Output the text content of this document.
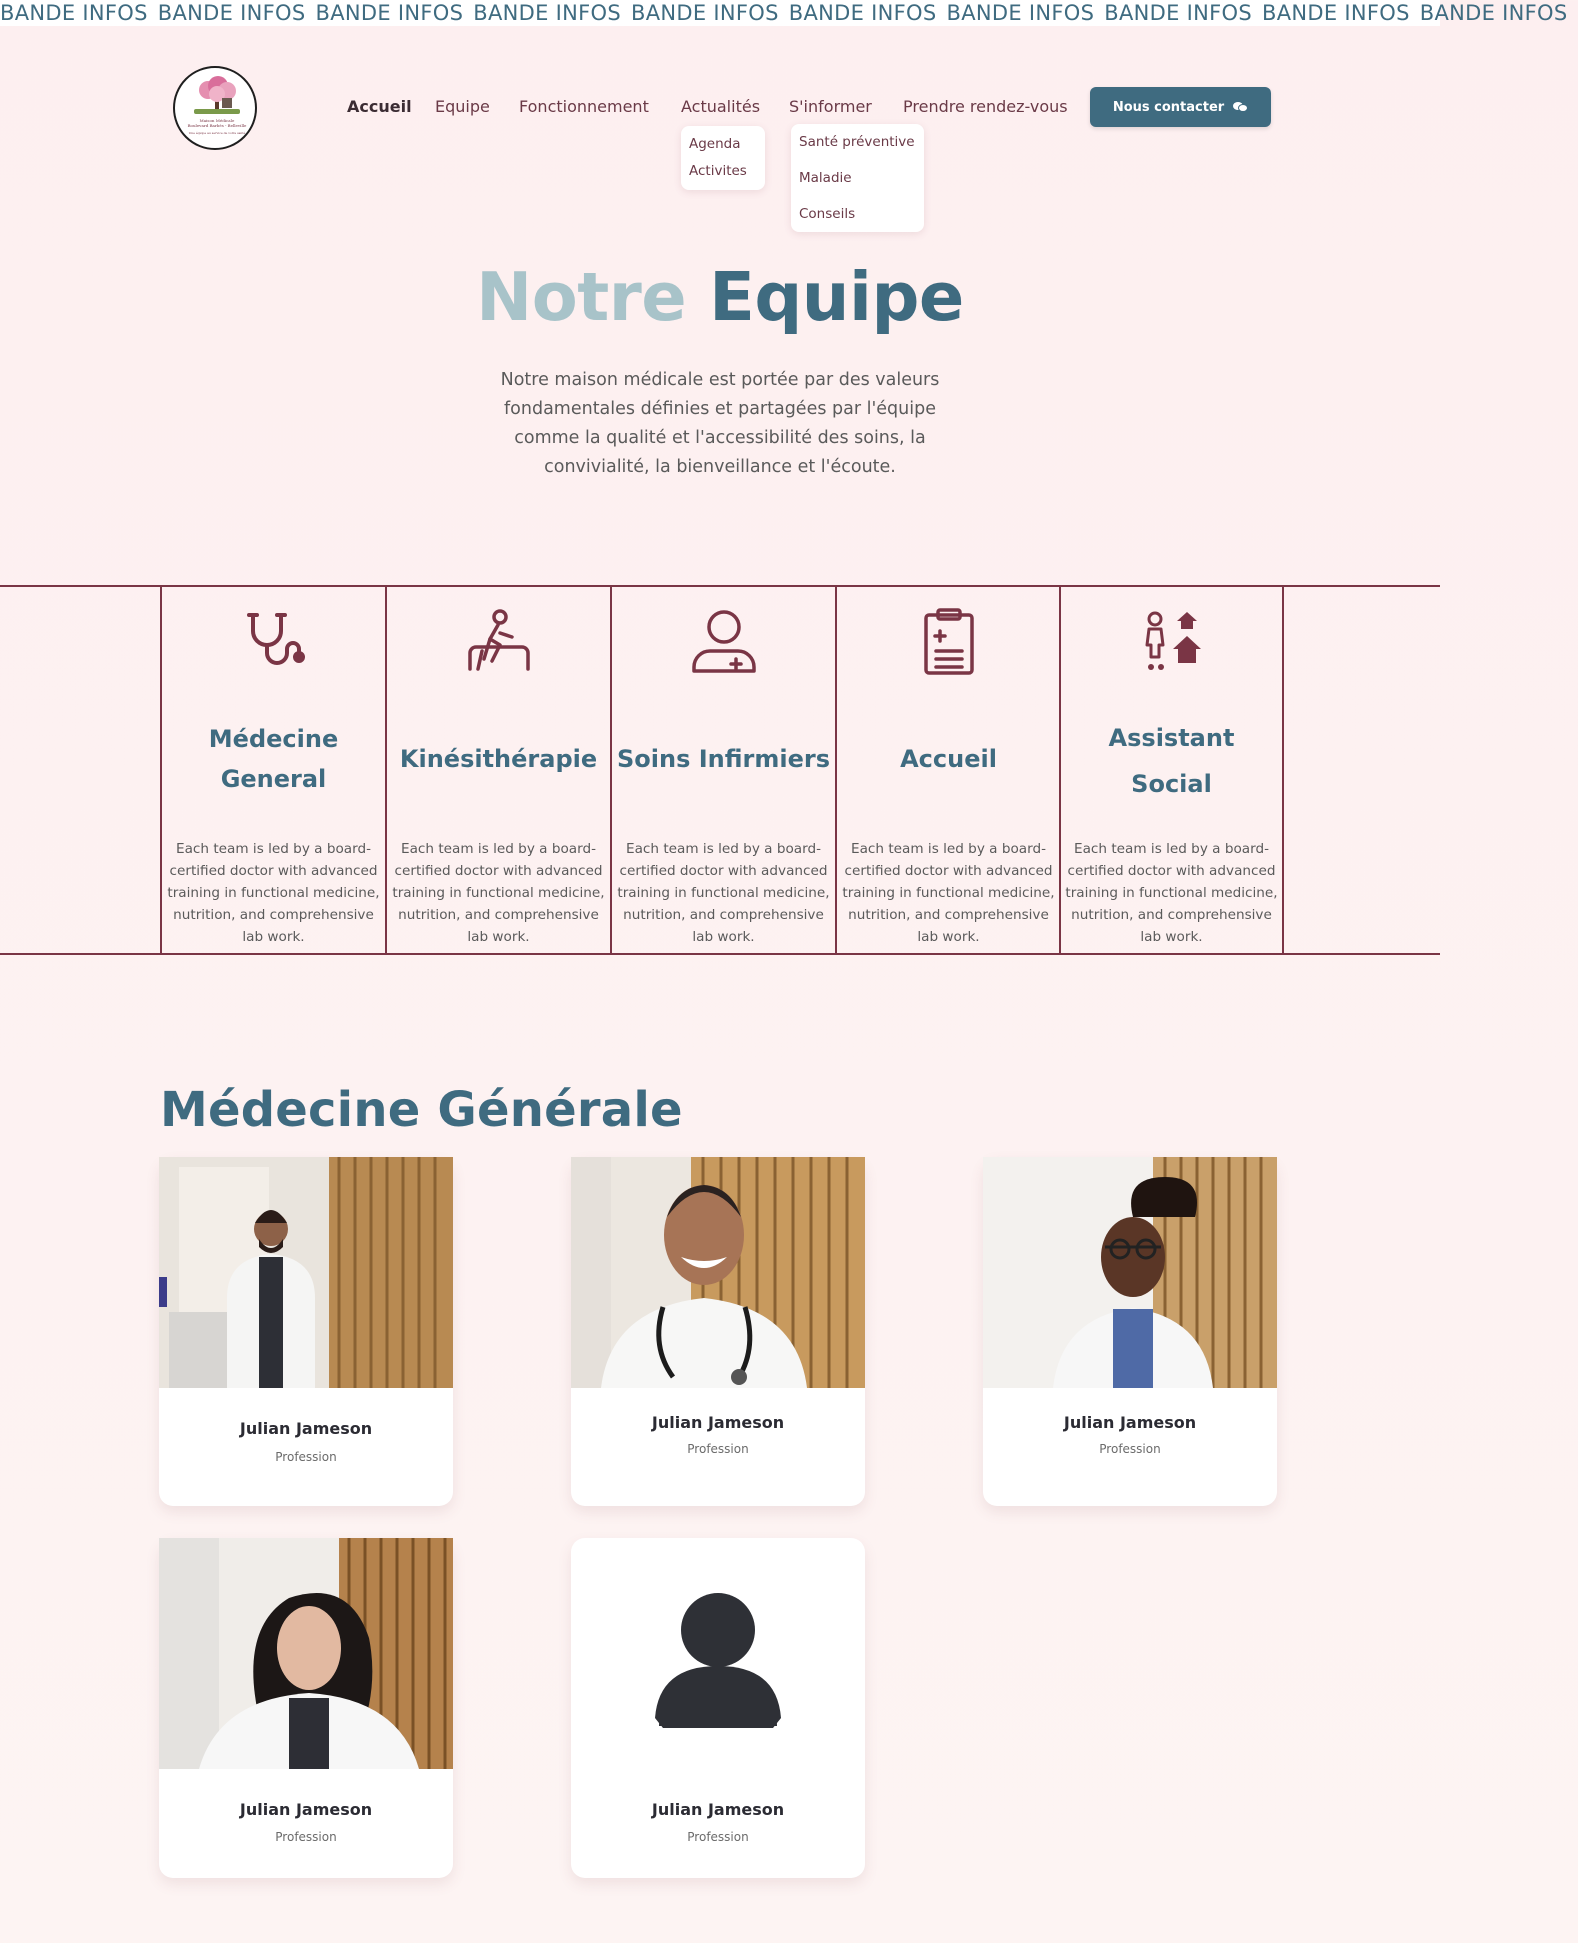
BANDE INFOS BANDE INFOS BANDE INFOS BANDE INFOS BANDE INFOS BANDE INFOS BANDE INFOS BANDE INFOS BANDE INFOS BANDE INFOS
Maison Médicale
Boulevard Barbès - Belleville
Une équipe au service de votre santé
Accueil Equipe Fonctionnement Actualités S'informer Prendre rendez-vous	Nous contacter
Agenda
Activites
Santé préventive
Maladie
Conseils
Notre Equipe

Notre maison médicale est portée par des valeurs fondamentales définies et partagées par l'équipe comme la qualité et l'accessibilité des soins, la convivialité, la bienveillance et l'écoute.

Médecine
General
Each team is led by a board-certified doctor with advanced training in functional medicine, nutrition, and comprehensive lab work.
Kinésithérapie
Each team is led by a board-certified doctor with advanced training in functional medicine, nutrition, and comprehensive lab work.
Soins Infirmiers
Each team is led by a board-certified doctor with advanced training in functional medicine, nutrition, and comprehensive lab work.
Accueil
Each team is led by a board-certified doctor with advanced training in functional medicine, nutrition, and comprehensive lab work.
Assistant
Social
Each team is led by a board-certified doctor with advanced training in functional medicine, nutrition, and comprehensive lab work.
Médecine Générale
Julian Jameson
Profession
Julian Jameson
Profession
Julian Jameson
Profession
Julian Jameson
Profession
Julian Jameson
Profession
